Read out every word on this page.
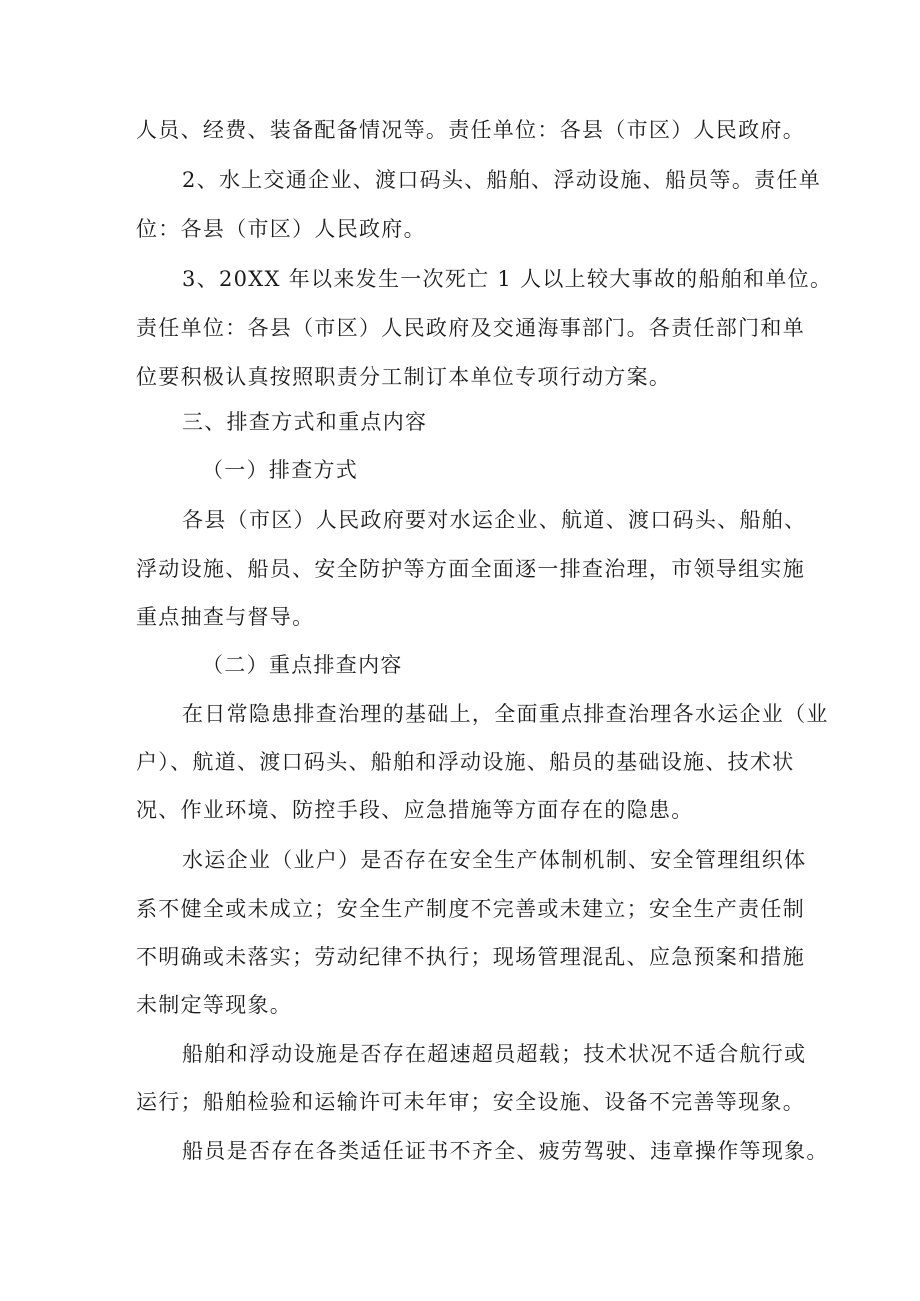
人员、经费、装备配备情况等。责任单位：各县（市区）人民政府。
2、水上交通企业、渡口码头、船舶、浮动设施、船员等。责任单
位：各县（市区）人民政府。
3、20XX 年以来发生一次死亡 1 人以上较大事故的船舶和单位。
责任单位：各县（市区）人民政府及交通海事部门。各责任部门和单
位要积极认真按照职责分工制订本单位专项行动方案。
三、排查方式和重点内容
（一）排查方式
各县（市区）人民政府要对水运企业、航道、渡口码头、船舶、
浮动设施、船员、安全防护等方面全面逐一排查治理，市领导组实施
重点抽查与督导。
（二）重点排查内容
在日常隐患排查治理的基础上，全面重点排查治理各水运企业（业
户）、航道、渡口码头、船舶和浮动设施、船员的基础设施、技术状
况、作业环境、防控手段、应急措施等方面存在的隐患。
水运企业（业户）是否存在安全生产体制机制、安全管理组织体
系不健全或未成立；安全生产制度不完善或未建立；安全生产责任制
不明确或未落实；劳动纪律不执行；现场管理混乱、应急预案和措施
未制定等现象。
船舶和浮动设施是否存在超速超员超载；技术状况不适合航行或
运行；船舶检验和运输许可未年审；安全设施、设备不完善等现象。
船员是否存在各类适任证书不齐全、疲劳驾驶、违章操作等现象。
